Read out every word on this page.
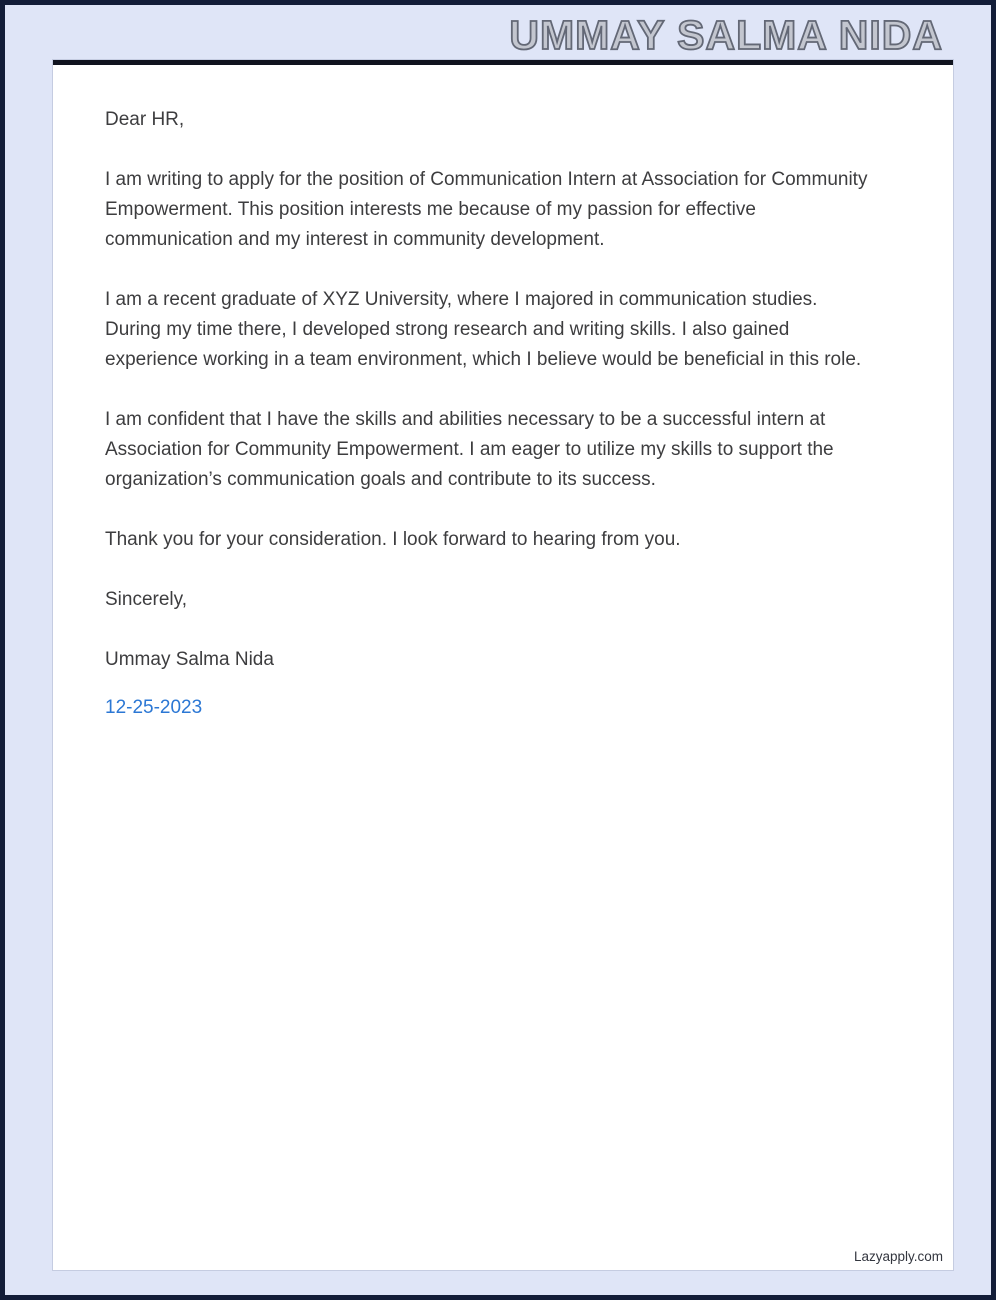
UMMAY SALMA NIDA

Dear HR,

I am writing to apply for the position of Communication Intern at Association for Community Empowerment. This position interests me because of my passion for effective communication and my interest in community development.

I am a recent graduate of XYZ University, where I majored in communication studies. During my time there, I developed strong research and writing skills. I also gained experience working in a team environment, which I believe would be beneficial in this role.

I am confident that I have the skills and abilities necessary to be a successful intern at Association for Community Empowerment. I am eager to utilize my skills to support the organization’s communication goals and contribute to its success.

Thank you for your consideration. I look forward to hearing from you.

Sincerely,

Ummay Salma Nida

12-25-2023

Lazyapply.com
